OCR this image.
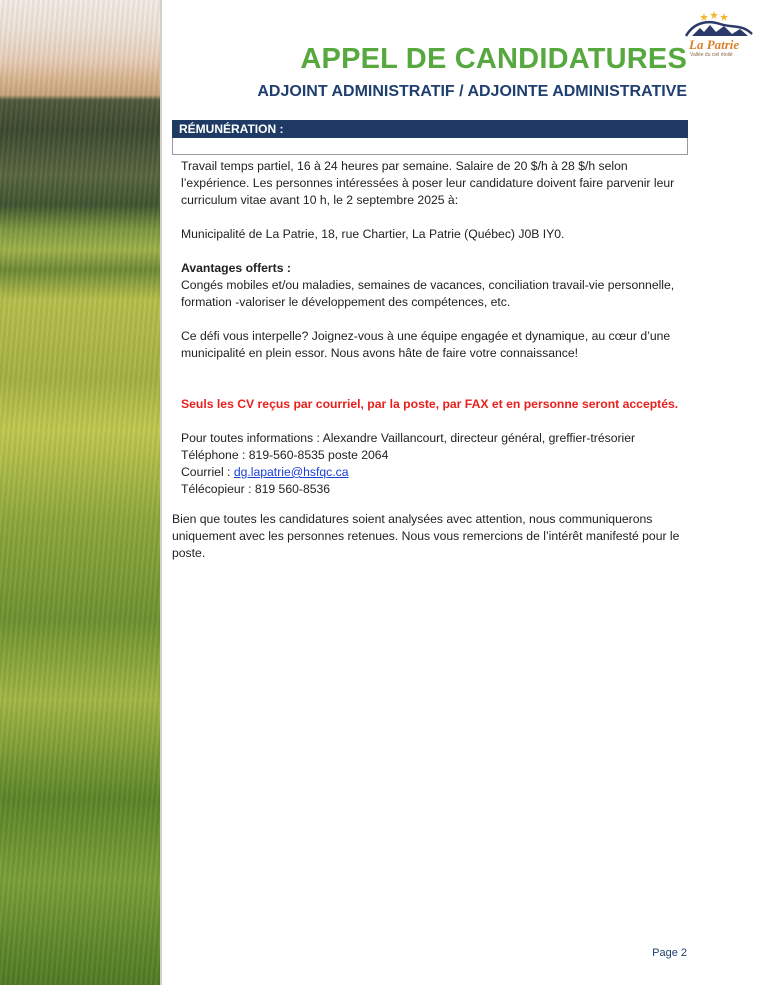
La Patrie
Vallée du ciel étoilé
APPEL DE CANDIDATURES
ADJOINT ADMINISTRATIF / ADJOINTE ADMINISTRATIVE
RÉMUNÉRATION :

Travail temps partiel, 16 à 24 heures par semaine. Salaire de 20 $/h à 28 $/h selon l’expérience. Les personnes intéressées à poser leur candidature doivent faire parvenir leur curriculum vitae avant 10 h, le 2 septembre 2025 à:

Municipalité de La Patrie, 18, rue Chartier, La Patrie (Québec) J0B IY0.

Avantages offerts :

Congés mobiles et/ou maladies, semaines de vacances, conciliation travail-vie personnelle, formation -valoriser le développement des compétences, etc.

Ce défi vous interpelle? Joignez-vous à une équipe engagée et dynamique, au cœur d’une municipalité en plein essor. Nous avons hâte de faire votre connaissance!

Seuls les CV reçus par courriel, par la poste, par FAX et en personne seront acceptés.

Pour toutes informations : Alexandre Vaillancourt, directeur général, greffier-trésorier

Téléphone : 819-560-8535 poste 2064

Courriel : dg.lapatrie@hsfqc.ca

Télécopieur : 819 560-8536

Bien que toutes les candidatures soient analysées avec attention, nous communiquerons uniquement avec les personnes retenues. Nous vous remercions de l’intérêt manifesté pour le poste.

Page 2
